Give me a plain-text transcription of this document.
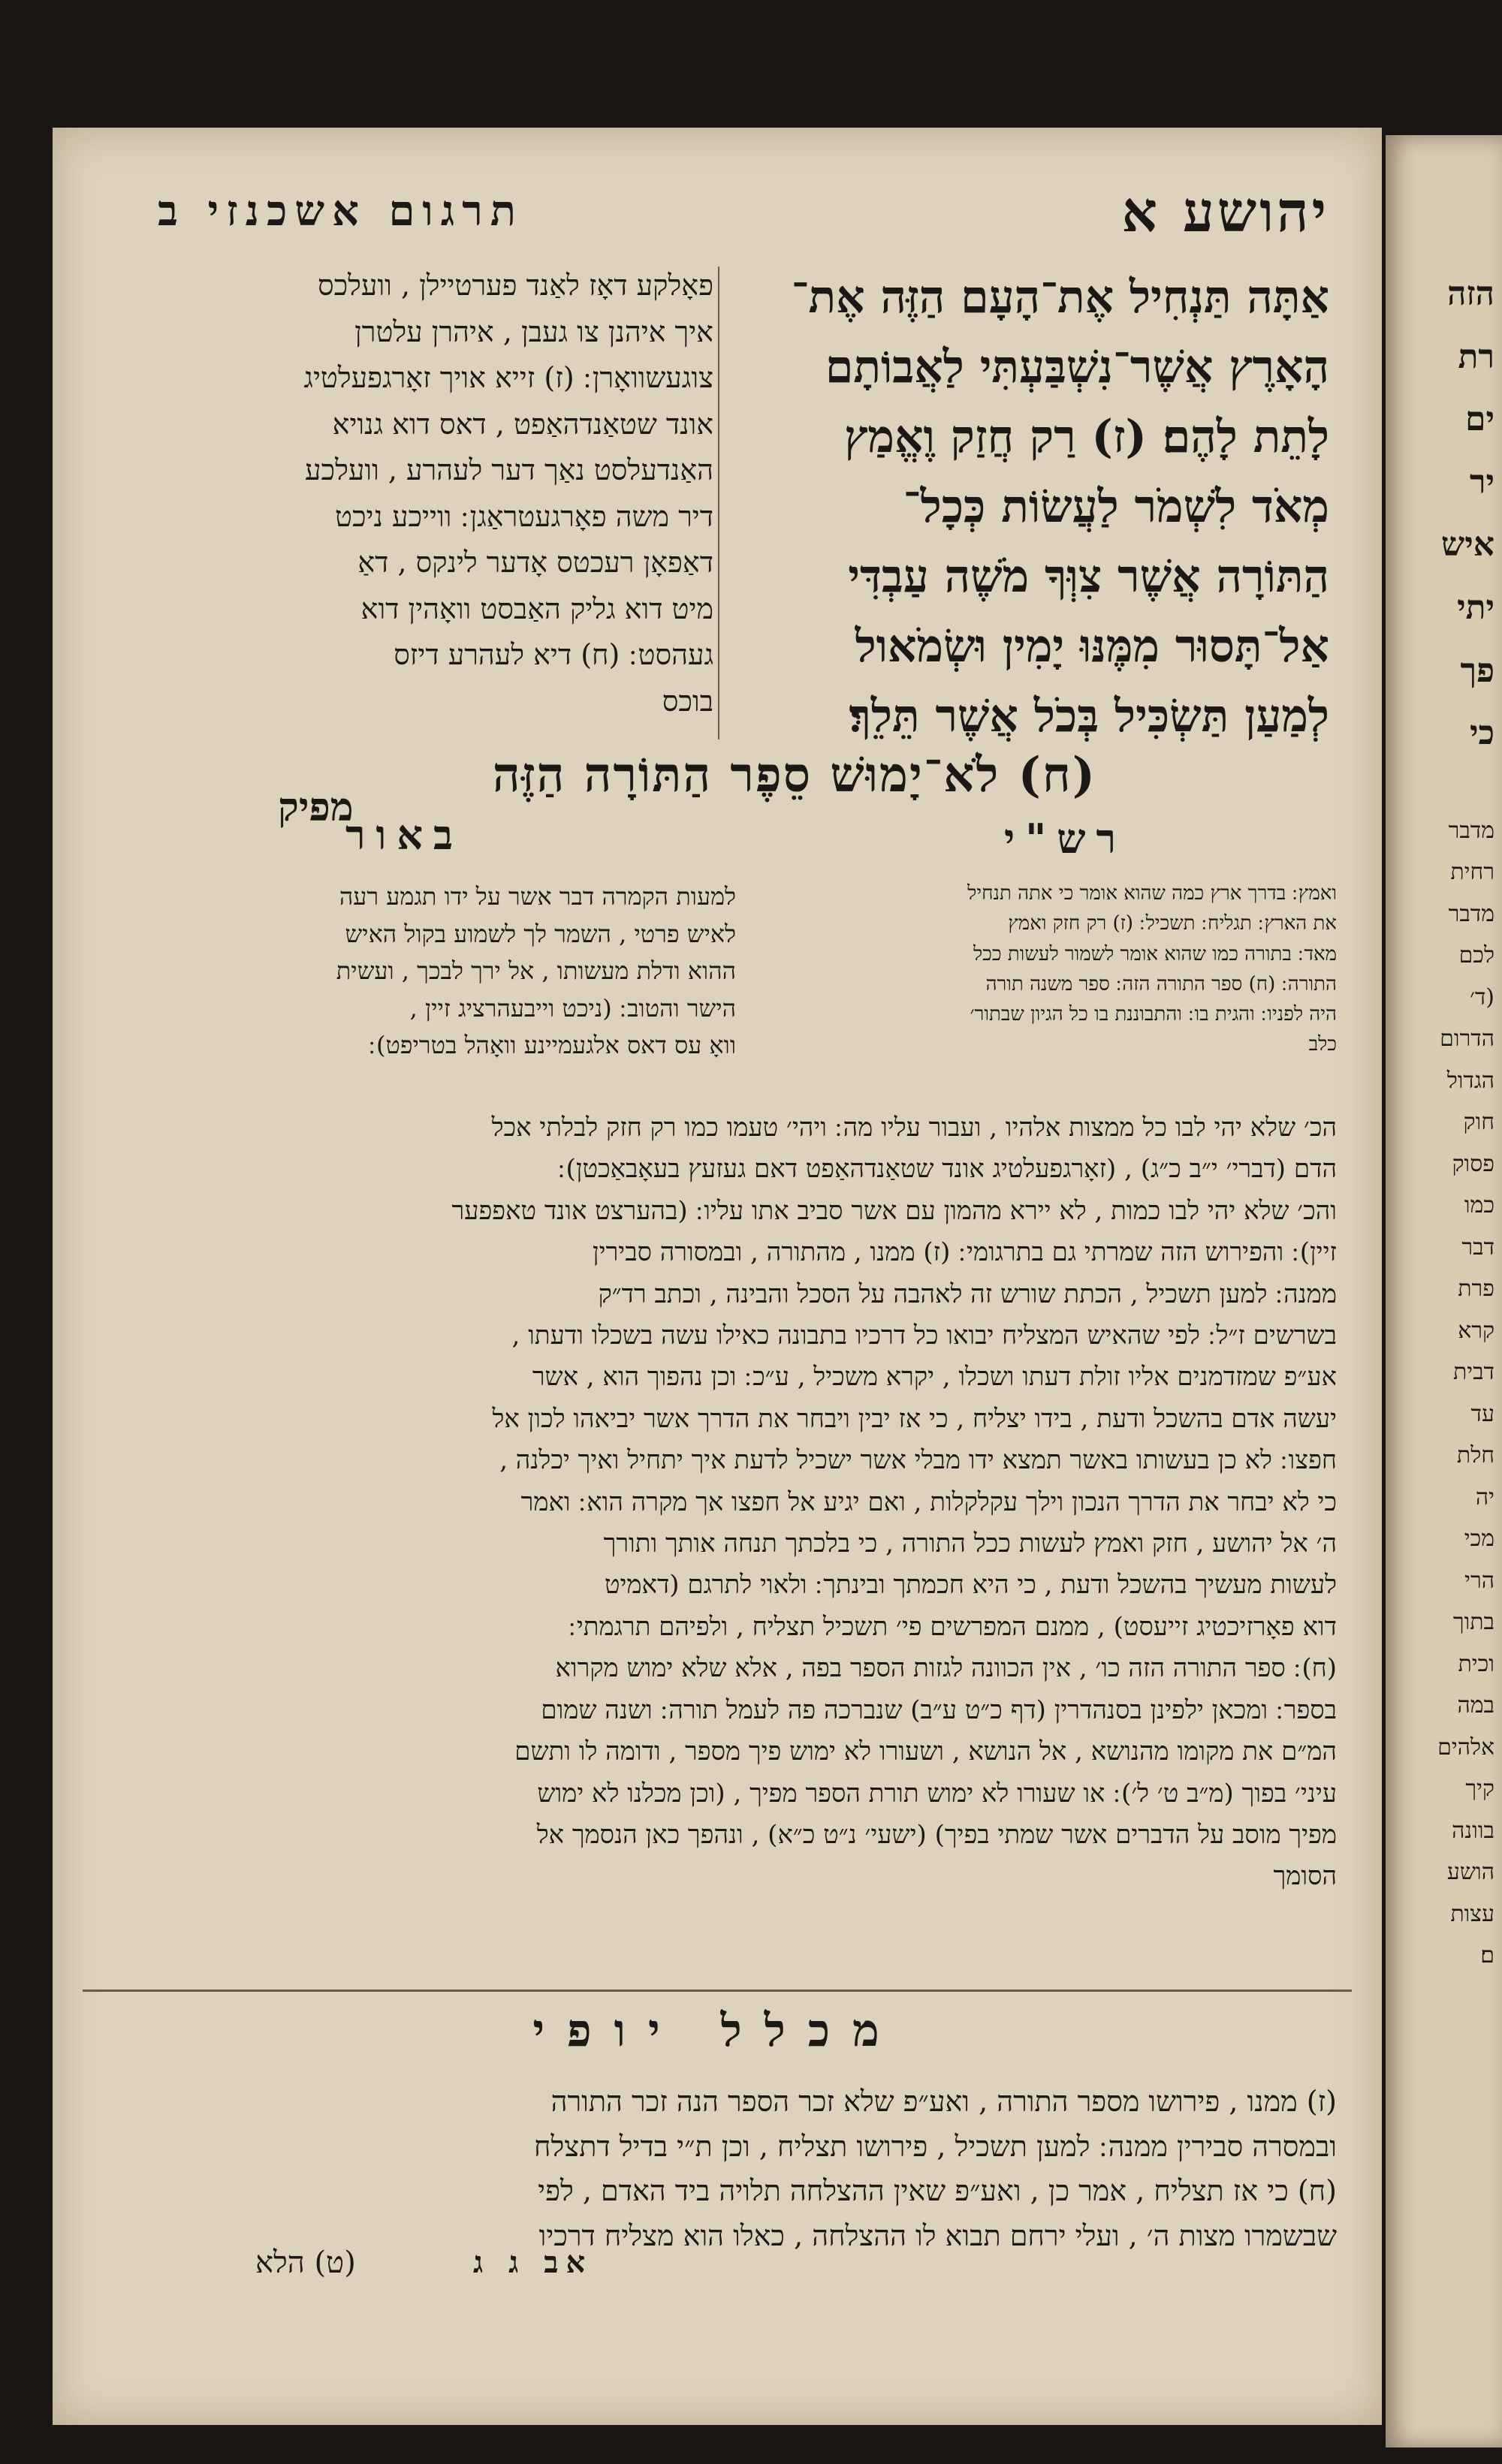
יהושע א
תרגום אשכנזי ב
אַתָּה תַּנְחִיל אֶת־הָעָם הַזֶּה אֶת־
הָאָרֶץ אֲשֶׁר־נִשְׁבַּעְתִּי לַאֲבוֹתָם
לָתֵת לָהֶם׃ (ז) רַק חֲזַק וֶאֱמַץ
מְאֹד לִשְׁמֹר לַעֲשׂוֹת כְּכָל־
הַתּוֹרָה אֲשֶׁר צִוְּךָ מֹשֶׁה עַבְדִּי
אַל־תָּסוּר מִמֶּנּוּ יָמִין וּשְׂמֹאול
לְמַעַן תַּשְׂכִּיל בְּכֹל אֲשֶׁר תֵּלֵךְ׃
פאָלקע דאָז לאַנד פערטיילן , וועלכס
איך איהנן צו געבן , איהרן עלטרן
צוגעשוואָרן ׃ (ז) זייא אויך זאָרגפעלטיג
אונד שטאַנדהאַפט , דאס דוא גנויא
האַנדעלסט נאַך דער לעהרע , וועלכע
דיר משה פאָרגעטראַגן ׃ ווייכע ניכט
דאַפאָן רעכטס אָדער לינקס , דאַ
מיט דוא גליק האַבסט וואָהין דוא
געהסט ׃ (ח) דיא לעהרע דיזס
בוכס
(ח) לֹא־יָמוּשׁ סֵפֶר הַתּוֹרָה הַזֶּה
מפיק
רש"י
באור
ואמץ ׃ בדרך ארץ כמה שהוא אומר כי אתה תנחיל
את הארץ ׃ תגליח ׃ תשכיל ׃ (ז) רק חזק ואמץ
מאד ׃ בתורה כמו שהוא אומר לשמור לעשות ככל
התורה ׃ (ח) ספר התורה הזה ׃ ספר משנה תורה
היה לפניו ׃ והגית בו ׃ והתבוננת בו כל הגיון שבתור׳
כלב
למעות הקמרה דבר אשר על ידו תגמע רעה
לאיש פרטי , השמר לך לשמוע בקול האיש
ההוא ודלת מעשותו , אל ירך לבכך , ועשית
הישר והטוב ׃ (ניכט וייבעהרציג זיין ,
וואָ עס דאס אלגעמיינע וואָהל בטריפט) ׃
הכ׳ שלא יהי לבו כל ממצות אלהיו , ועבור עליו מה ׃ ויהי׳ טעמו כמו רק חזק לבלתי אכל
הדם (דברי׳ י״ב כ״ג) , (זאָרגפעלטיג אונד שטאַנדהאַפט דאם געזעץ בעאָבאַכטן) ׃
והכ׳ שלא יהי לבו כמות , לא יירא מהמון עם אשר סביב אתו עליו ׃ (בהערצט אונד טאפפער
זיין) ׃ והפירוש הזה שמרתי גם בתרגומי ׃ (ז) ממנו , מהתורה , ובמסורה סבירין
ממנה ׃ למען תשכיל , הכתת שורש זה לאהבה על הסכל והבינה , וכתב רד״ק
בשרשים ז״ל ׃ לפי שהאיש המצליח יבואו כל דרכיו בתבונה כאילו עשה בשכלו ודעתו ,
אע״פ שמזדמנים אליו זולת דעתו ושכלו , יקרא משכיל , ע״כ ׃ וכן נהפוך הוא , אשר
יעשה אדם בהשכל ודעת , בידו יצליח , כי אז יבין ויבחר את הדרך אשר יביאהו לכון אל
חפצו ׃ לא כן בעשותו באשר תמצא ידו מבלי אשר ישכיל לדעת איך יתחיל ואיך יכלנה ,
כי לא יבחר את הדרך הנכון וילך עקלקלות , ואם יגיע אל חפצו אך מקרה הוא ׃ ואמר
ה׳ אל יהושע , חזק ואמץ לעשות ככל התורה , כי בלכתך תנחה אותך ותורך
לעשות מעשיך בהשכל ודעת , כי היא חכמתך ובינתך ׃ ולאוי לתרגם (דאמיט
דוא פאָרזיכטיג זייעסט) , ממנם המפרשים פי׳ תשכיל תצליח , ולפיהם תרגמתי ׃
(ח) ׃ ספר התורה הזה כו׳ , אין הכוונה לגזות הספר בפה , אלא שלא ימוש מקרוא
בספר ׃ ומכאן ילפינן בסנהדרין (דף כ״ט ע״ב) שנברכה פה לעמל תורה ׃ ושנה שמום
המ״ם את מקומו מהנושא , אל הנושא , ושעורו לא ימוש פיך מספר , ודומה לו ותשם
עיני׳ בפוך (מ״ב ט׳ ל׳) ׃ או שעורו לא ימוש תורת הספר מפיך , (וכן מכלנו לא ימוש
מפיך מוסב על הדברים אשר שמתי בפיך) (ישעי׳ נ״ט כ״א) , ונהפך כאן הנסמך אל
הסומך
מכלל יופי
(ז) ממנו , פירושו מספר התורה , ואע״פ שלא זכר הספר הנה זכר התורה
ובמסרה סבירין ממנה ׃ למען תשכיל , פירושו תצליח , וכן ת״י בדיל דתצלח
(ח) כי אז תצליח , אמר כן , ואע״פ שאין ההצלחה תלויה ביד האדם , לפי
שבשמרו מצות ה׳ , ועלי ירחם תבוא לו ההצלחה , כאלו הוא מצליח דרכיו
(ט) הלא	אב ג ג
הזה
רת
ים
יר
איש
יתי
פך
כי
מדבר
רחית
מדבר
לכם
(ד׳
הדרום
הגדול
חוק
פסוק
כמו
דבר
פרת
קרא
דבית
עד
חלת
יה
מכי
הרי
בתוך
וכית
במה
אלהים
קיך
בוונה
הושע
עצות
ם׃
